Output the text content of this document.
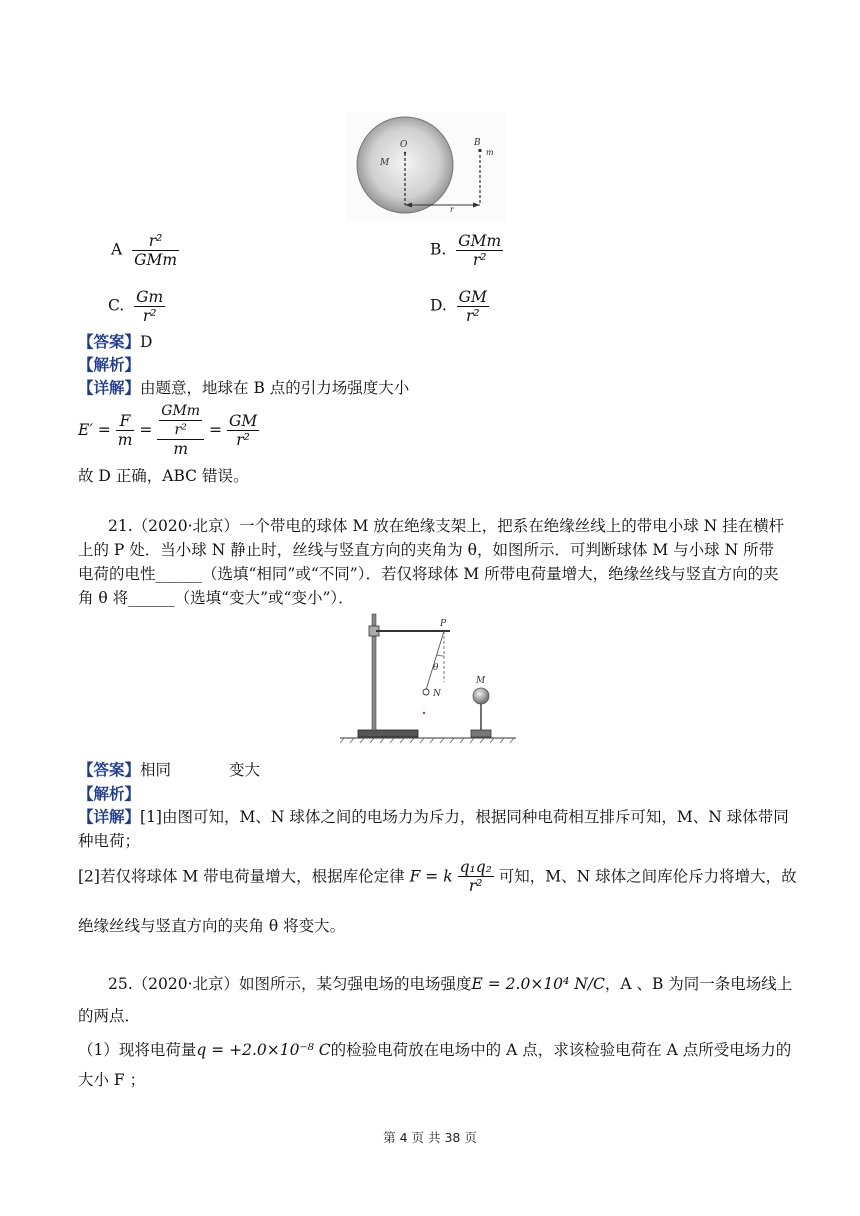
O
M
B
m
r
A $\frac{\text{r²}}{\text{GMm}}$	B. $\frac{\text{GMm}}{\text{r²}}$
C. $\frac{Gm}{\text{r²}}$	D. $\frac{GM}{\text{r²}}$
【答案】D
【解析】
【详解】由题意，地球在 B 点的引力场强度大小
$E' = \frac{F}{m} = \frac{\frac{\text{GMm}}{\text{r²}}}{m} = \frac{GM}{\text{r²}}$
故 D 正确，ABC 错误。
21.（2020·北京）一个带电的球体 M 放在绝缘支架上，把系在绝缘丝线上的带电小球 N 挂在横杆
上的 P 处．当小球 N 静止时，丝线与竖直方向的夹角为 θ，如图所示．可判断球体 M 与小球 N 所带
电荷的电性______（选填“相同”或“不同”）．若仅将球体 M 所带电荷量增大，绝缘丝线与竖直方向的夹
角 θ 将______（选填“变大”或“变小”）．
P
θ
N
M
【答案】相同	变大
【解析】
【详解】[1]由图可知，M、N 球体之间的电场力为斥力，根据同种电荷相互排斥可知，M、N 球体带同
种电荷；
[2]若仅将球体 M 带电荷量增大，根据库伦定律 F = k $\frac{\text{q₁q₂}}{\text{r²}}$ 可知，M、N 球体之间库伦斥力将增大，故
绝缘丝线与竖直方向的夹角 θ 将变大。
25.（2020·北京）如图所示，某匀强电场的电场强度E = 2.0×10⁴ N/C，A 、B 为同一条电场线上
的两点．
（1）现将电荷量q = +2.0×10⁻⁸ C的检验电荷放在电场中的 A 点，求该检验电荷在 A 点所受电场力的
大小 F ；
第 4 页 共 38 页
